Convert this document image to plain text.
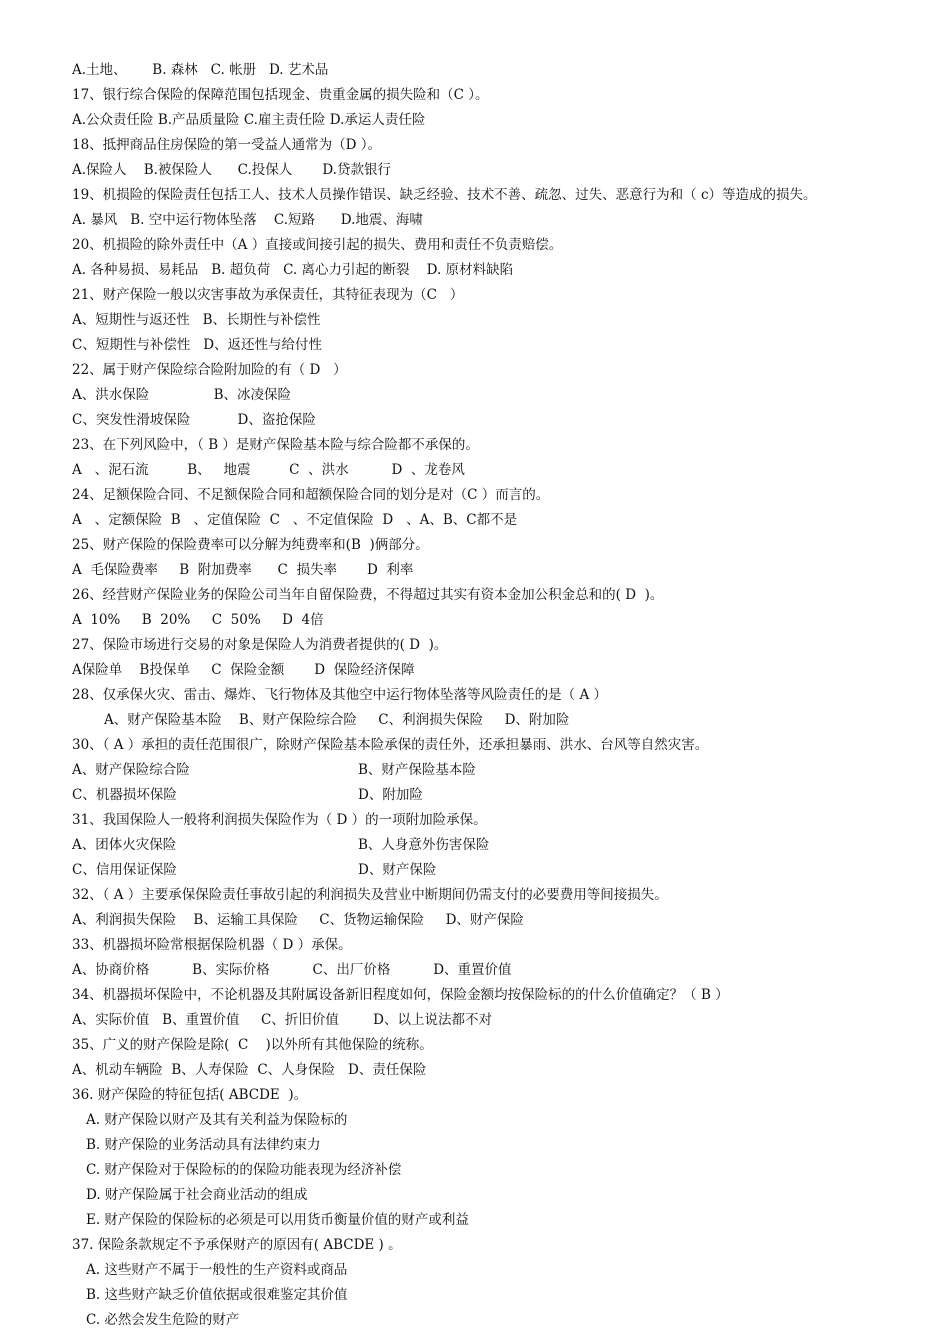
A.土地、      B. 森林   C. 帐册   D. 艺术品
17、银行综合保险的保障范围包括现金、贵重金属的损失险和（C ）。
A.公众责任险 B.产品质量险 C.雇主责任险 D.承运人责任险
18、抵押商品住房保险的第一受益人通常为（D ）。
A.保险人    B.被保险人      C.投保人       D.贷款银行
19、机损险的保险责任包括工人、技术人员操作错误、缺乏经验、技术不善、疏忽、过失、恶意行为和（ c）等造成的损失。
A. 暴风   B. 空中运行物体坠落    C.短路      D.地震、海啸
20、机损险的除外责任中（A ）直接或间接引起的损失、费用和责任不负责赔偿。
A. 各种易损、易耗品   B. 超负荷   C. 离心力引起的断裂    D. 原材料缺陷
21、财产保险一般以灾害事故为承保责任，其特征表现为（C   ）
A、短期性与返还性   B、长期性与补偿性
C、短期性与补偿性   D、返还性与给付性
22、属于财产保险综合险附加险的有（ D   ）
A、洪水保险               B、冰凌保险
C、突发性滑坡保险           D、盗抢保险
23、在下列风险中，（ B ）是财产保险基本险与综合险都不承保的。
A   、泥石流         B、   地震         C  、洪水          D  、龙卷风
24、足额保险合同、不足额保险合同和超额保险合同的划分是对（C ）而言的。
A   、定额保险  B   、定值保险  C   、不定值保险  D   、A、B、C都不是
25、财产保险的保险费率可以分解为纯费率和(B  )俩部分。
A  毛保险费率     B  附加费率      C  损失率       D  利率
26、经营财产保险业务的保险公司当年自留保险费，不得超过其实有资本金加公积金总和的( D  )。
A  10%     B  20%     C  50%     D  4倍
27、保险市场进行交易的对象是保险人为消费者提供的( D  )。
A保险单    B投保单     C  保险金额       D  保险经济保障
28、仅承保火灾、雷击、爆炸、飞行物体及其他空中运行物体坠落等风险责任的是（ A ）
A、财产保险基本险    B、财产保险综合险     C、利润损失保险     D、附加险
30、（ A ）承担的责任范围很广，除财产保险基本险承保的责任外，还承担暴雨、洪水、台风等自然灾害。
A、财产保险综合险	B、财产保险基本险
C、机器损坏保险	D、附加险
31、我国保险人一般将利润损失保险作为（ D ）的一项附加险承保。
A、团体火灾保险	B、人身意外伤害保险
C、信用保证保险	D、财产保险
32、（ A ）主要承保保险责任事故引起的利润损失及营业中断期间仍需支付的必要费用等间接损失。
A、利润损失保险    B、运输工具保险     C、货物运输保险     D、财产保险
33、机器损坏险常根据保险机器（ D ）承保。
A、协商价格          B、实际价格          C、出厂价格          D、重置价值
34、机器损坏保险中，不论机器及其附属设备新旧程度如何，保险金额均按保险标的的什么价值确定？（ B ）
A、实际价值   B、重置价值     C、折旧价值        D、以上说法都不对
35、广义的财产保险是除(  C    )以外所有其他保险的统称。
A、机动车辆险  B、人寿保险  C、人身保险   D、责任保险
36. 财产保险的特征包括( ABCDE  )。
A. 财产保险以财产及其有关利益为保险标的
B. 财产保险的业务活动具有法律约束力
C. 财产保险对于保险标的的保险功能表现为经济补偿
D. 财产保险属于社会商业活动的组成
E. 财产保险的保险标的必须是可以用货币衡量价值的财产或利益
37. 保险条款规定不予承保财产的原因有( ABCDE ) 。
A. 这些财产不属于一般性的生产资料或商品
B. 这些财产缺乏价值依据或很难鉴定其价值
C. 必然会发生危险的财产
